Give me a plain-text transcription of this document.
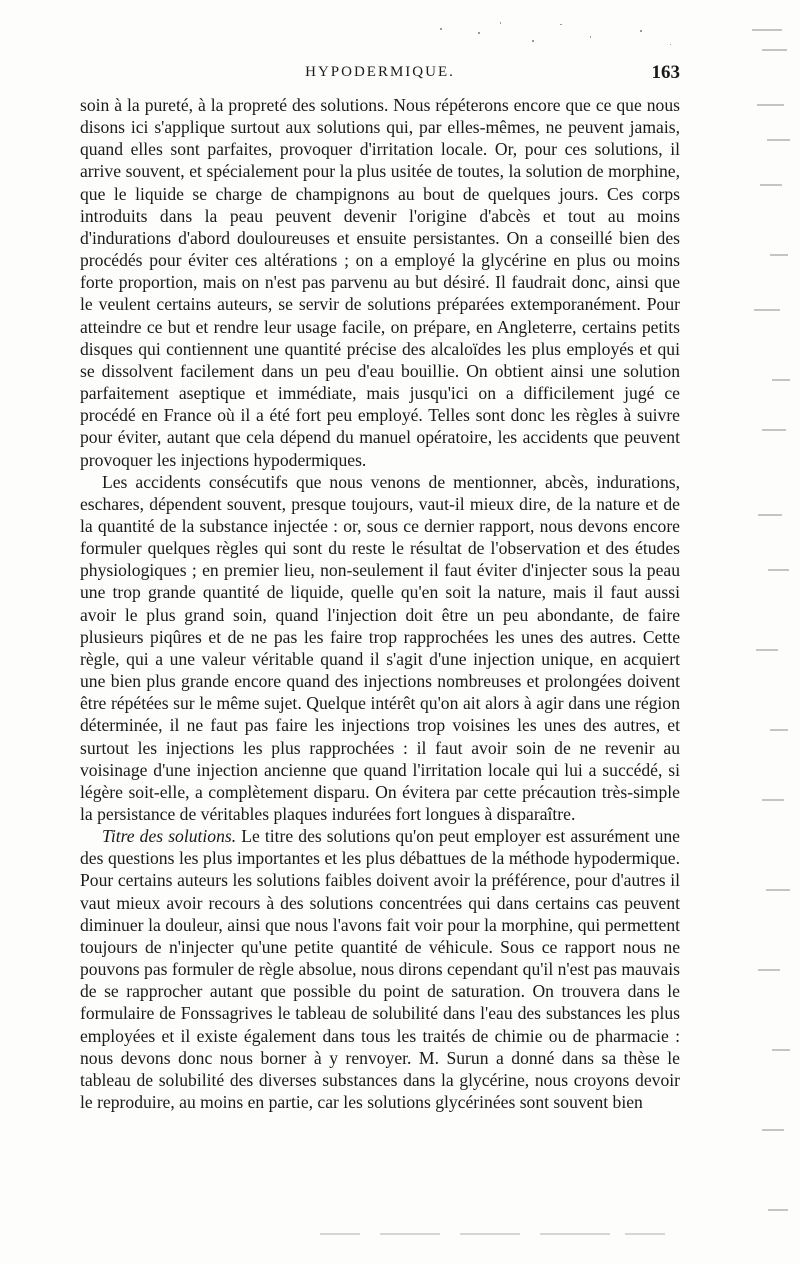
HYPODERMIQUE.	163

soin à la pureté, à la propreté des solutions. Nous répéterons encore que ce que nous disons ici s'applique surtout aux solutions qui, par elles-mêmes, ne peuvent jamais, quand elles sont parfaites, provoquer d'irritation locale. Or, pour ces solutions, il arrive souvent, et spécialement pour la plus usitée de toutes, la solution de morphine, que le liquide se charge de champignons au bout de quelques jours. Ces corps introduits dans la peau peuvent devenir l'origine d'abcès et tout au moins d'indurations d'abord douloureuses et ensuite persistantes. On a conseillé bien des procédés pour éviter ces altérations ; on a employé la glycérine en plus ou moins forte proportion, mais on n'est pas parvenu au but désiré. Il faudrait donc, ainsi que le veulent certains auteurs, se servir de solutions préparées extemporanément. Pour atteindre ce but et rendre leur usage facile, on prépare, en Angleterre, certains petits disques qui contiennent une quantité précise des alcaloïdes les plus employés et qui se dissolvent facilement dans un peu d'eau bouillie. On obtient ainsi une solution parfaitement aseptique et immédiate, mais jusqu'ici on a difficilement jugé ce procédé en France où il a été fort peu employé. Telles sont donc les règles à suivre pour éviter, autant que cela dépend du manuel opératoire, les accidents que peuvent provoquer les injections hypodermiques.

Les accidents consécutifs que nous venons de mentionner, abcès, indurations, eschares, dépendent souvent, presque toujours, vaut-il mieux dire, de la nature et de la quantité de la substance injectée : or, sous ce dernier rapport, nous devons encore formuler quelques règles qui sont du reste le résultat de l'observation et des études physiologiques ; en premier lieu, non-seulement il faut éviter d'injecter sous la peau une trop grande quantité de liquide, quelle qu'en soit la nature, mais il faut aussi avoir le plus grand soin, quand l'injection doit être un peu abondante, de faire plusieurs piqûres et de ne pas les faire trop rapprochées les unes des autres. Cette règle, qui a une valeur véritable quand il s'agit d'une injection unique, en acquiert une bien plus grande encore quand des injections nombreuses et prolongées doivent être répétées sur le même sujet. Quelque intérêt qu'on ait alors à agir dans une région déterminée, il ne faut pas faire les injections trop voisines les unes des autres, et surtout les injections les plus rapprochées : il faut avoir soin de ne revenir au voisinage d'une injection ancienne que quand l'irritation locale qui lui a succédé, si légère soit-elle, a complètement disparu. On évitera par cette précaution très-simple la persistance de véritables plaques indurées fort longues à disparaître.

Titre des solutions. Le titre des solutions qu'on peut employer est assurément une des questions les plus importantes et les plus débattues de la méthode hypodermique. Pour certains auteurs les solutions faibles doivent avoir la préférence, pour d'autres il vaut mieux avoir recours à des solutions concentrées qui dans certains cas peuvent diminuer la douleur, ainsi que nous l'avons fait voir pour la morphine, qui permettent toujours de n'injecter qu'une petite quantité de véhicule. Sous ce rapport nous ne pouvons pas formuler de règle absolue, nous dirons cependant qu'il n'est pas mauvais de se rapprocher autant que possible du point de saturation. On trouvera dans le formulaire de Fonssagrives le tableau de solubilité dans l'eau des substances les plus employées et il existe également dans tous les traités de chimie ou de pharmacie : nous devons donc nous borner à y renvoyer. M. Surun a donné dans sa thèse le tableau de solubilité des diverses substances dans la glycérine, nous croyons devoir le reproduire, au moins en partie, car les solutions glycérinées sont souvent bien
